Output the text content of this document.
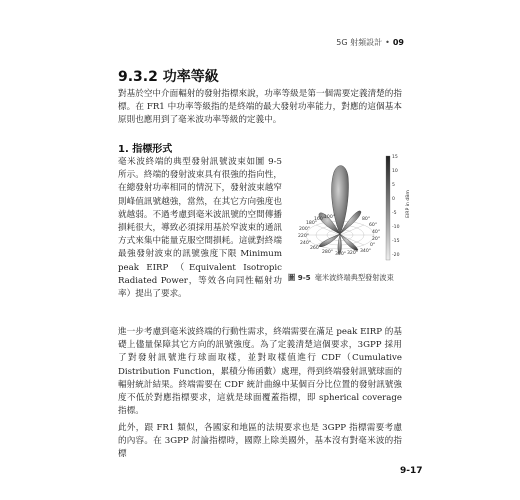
5G 射頻設計 • 09
9.3.2 功率等級
對基於空中介面輻射的發射指標來說，功率等級是第一個需要定義清楚的指標。在 FR1 中功率等級指的是終端的最大發射功率能力，對應的這個基本原則也應用到了毫米波功率等級的定義中。
1. 指標形式
毫米波終端的典型發射訊號波束如圖 9-5 所示。終端的發射波束具有很強的指向性，在總發射功率相同的情況下，發射波束越窄則峰值訊號越強，當然，在其它方向強度也就越弱。不過考慮到毫米波訊號的空間傳播損耗很大，導致必須採用基於窄波束的通訊方式來集中能量克服空間損耗。這就對終端最強發射波束的訊號強度下限 Minimum peak EIRP （Equivalent Isotropic Radiated Power，等效各向同性輻射功率）提出了要求。
100°	80°
60°
40°
20°
0°
340°
320°
300°
280°
260°
240°
220°
200°
180°
160°
15
10
5
0
-5
-10
-15
-20
EIRP in dBm
圖 9-5 毫米波終端典型發射波束
進一步考慮到毫米波終端的行動性需求，終端需要在滿足 peak EIRP 的基礎上儘量保障其它方向的訊號強度。為了定義清楚這個要求，3GPP 採用了對發射訊號進行球面取樣，並對取樣值進行 CDF（Cumulative Distribution Function，累積分佈函數）處理，得到終端發射訊號球面的輻射統計結果。終端需要在 CDF 統計曲線中某個百分比位置的發射訊號強度不低於對應指標要求，這就是球面覆蓋指標，即 spherical coverage 指標。
此外，跟 FR1 類似，各國家和地區的法規要求也是 3GPP 指標需要考慮的內容。在 3GPP 討論指標時，國際上除美國外，基本沒有對毫米波的指標
9-17
